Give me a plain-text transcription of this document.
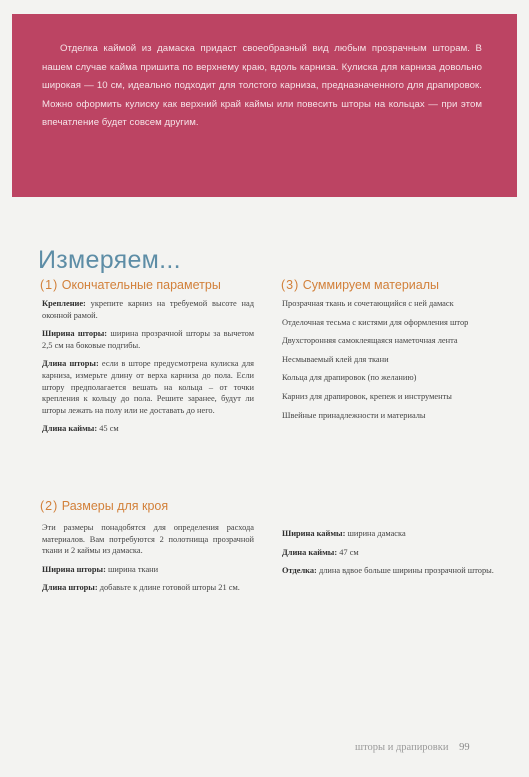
Отделка каймой из дамаска придаст своеобразный вид любым прозрачным шторам. В нашем случае кайма пришита по верхнему краю, вдоль карниза. Кулиска для карниза довольно широкая — 10 см, идеально подходит для толстого карниза, предназначенного для драпировок. Можно оформить кулиску как верхний край каймы или повесить шторы на кольцах — при этом впечатление будет совсем другим.

Измеряем...
(1) Окончательные параметры

Крепление: укрепите карниз на требуемой высоте над оконной рамой.

Ширина шторы: ширина прозрачной шторы за вычетом 2,5 см на боковые подгибы.

Длина шторы: если в шторе предусмотрена кулиска для карниза, измерьте длину от верха карниза до пола. Если штору предполагается вешать на кольца – от точки крепления к кольцу до пола. Решите заранее, будут ли шторы лежать на полу или не доставать до него.

Длина каймы: 45 см

(3) Суммируем материалы

Прозрачная ткань и сочетающийся с ней дамаск

Отделочная тесьма с кистями для оформления штор

Двухсторонняя самоклеящаяся наметочная лента

Несмываемый клей для ткани

Кольца для драпировок (по желанию)

Карниз для драпировок, крепеж и инструменты

Швейные принадлежности и материалы

(2) Размеры для кроя

Эти размеры понадобятся для определения расхода материалов. Вам потребуются 2 полотнища прозрачной ткани и 2 каймы из дамаска.

Ширина шторы: ширина ткани

Длина шторы: добавьте к длине готовой шторы 21 см.

Ширина каймы: ширина дамаска

Длина каймы: 47 см

Отделка: длина вдвое больше ширины прозрачной шторы.

шторы и драпировки 99
